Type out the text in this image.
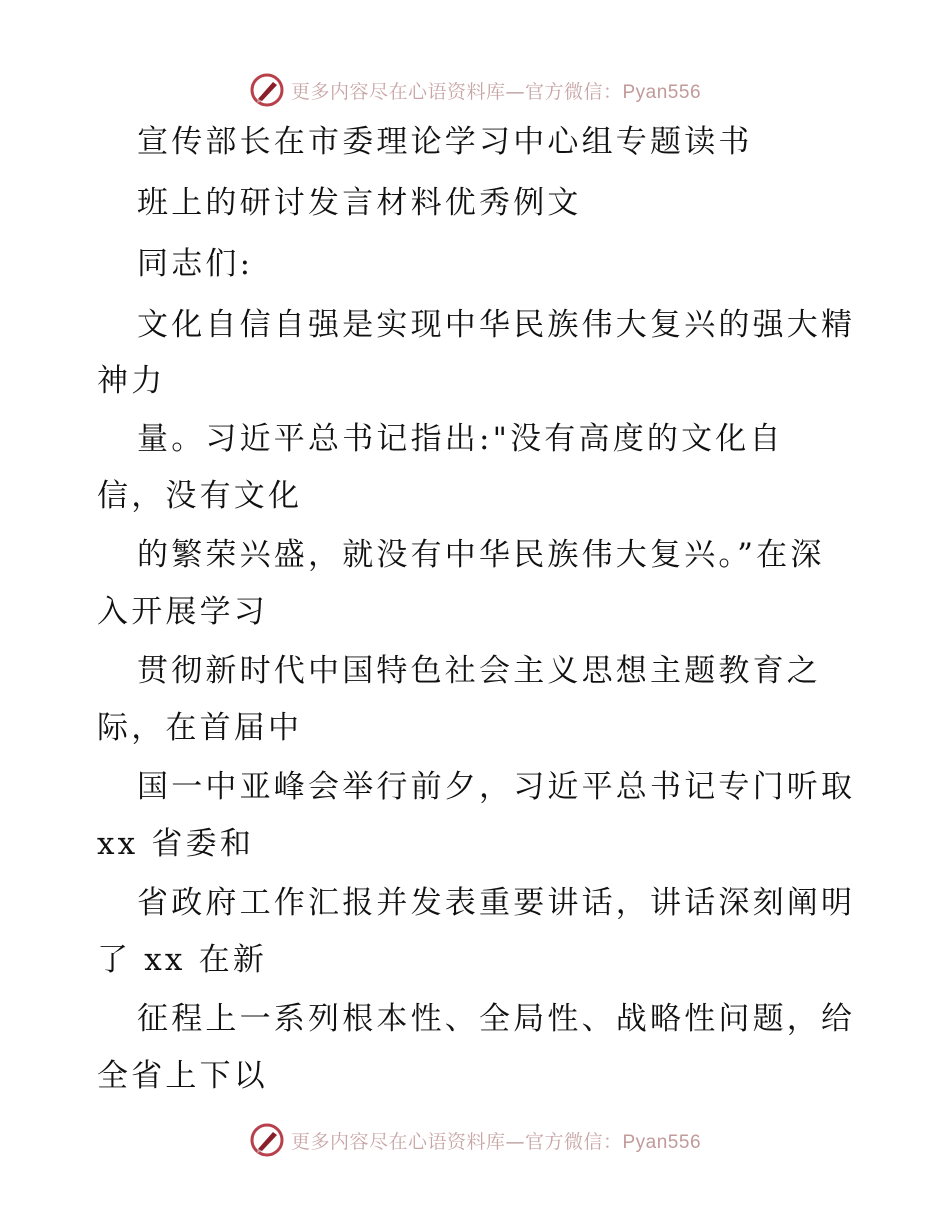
更多内容尽在心语资料库—官方微信：Pyan556
宣传部长在市委理论学习中心组专题读书
班上的研讨发言材料优秀例文
同志们:
文化自信自强是实现中华民族伟大复兴的强大精
神力
量。习近平总书记指出:"没有高度的文化自
信，没有文化
的繁荣兴盛，就没有中华民族伟大复兴。”在深
入开展学习
贯彻新时代中国特色社会主义思想主题教育之
际，在首届中
国一中亚峰会举行前夕，习近平总书记专门听取
xx 省委和
省政府工作汇报并发表重要讲话，讲话深刻阐明
了 xx 在新
征程上一系列根本性、全局性、战略性问题，给
全省上下以
更多内容尽在心语资料库—官方微信：Pyan556
